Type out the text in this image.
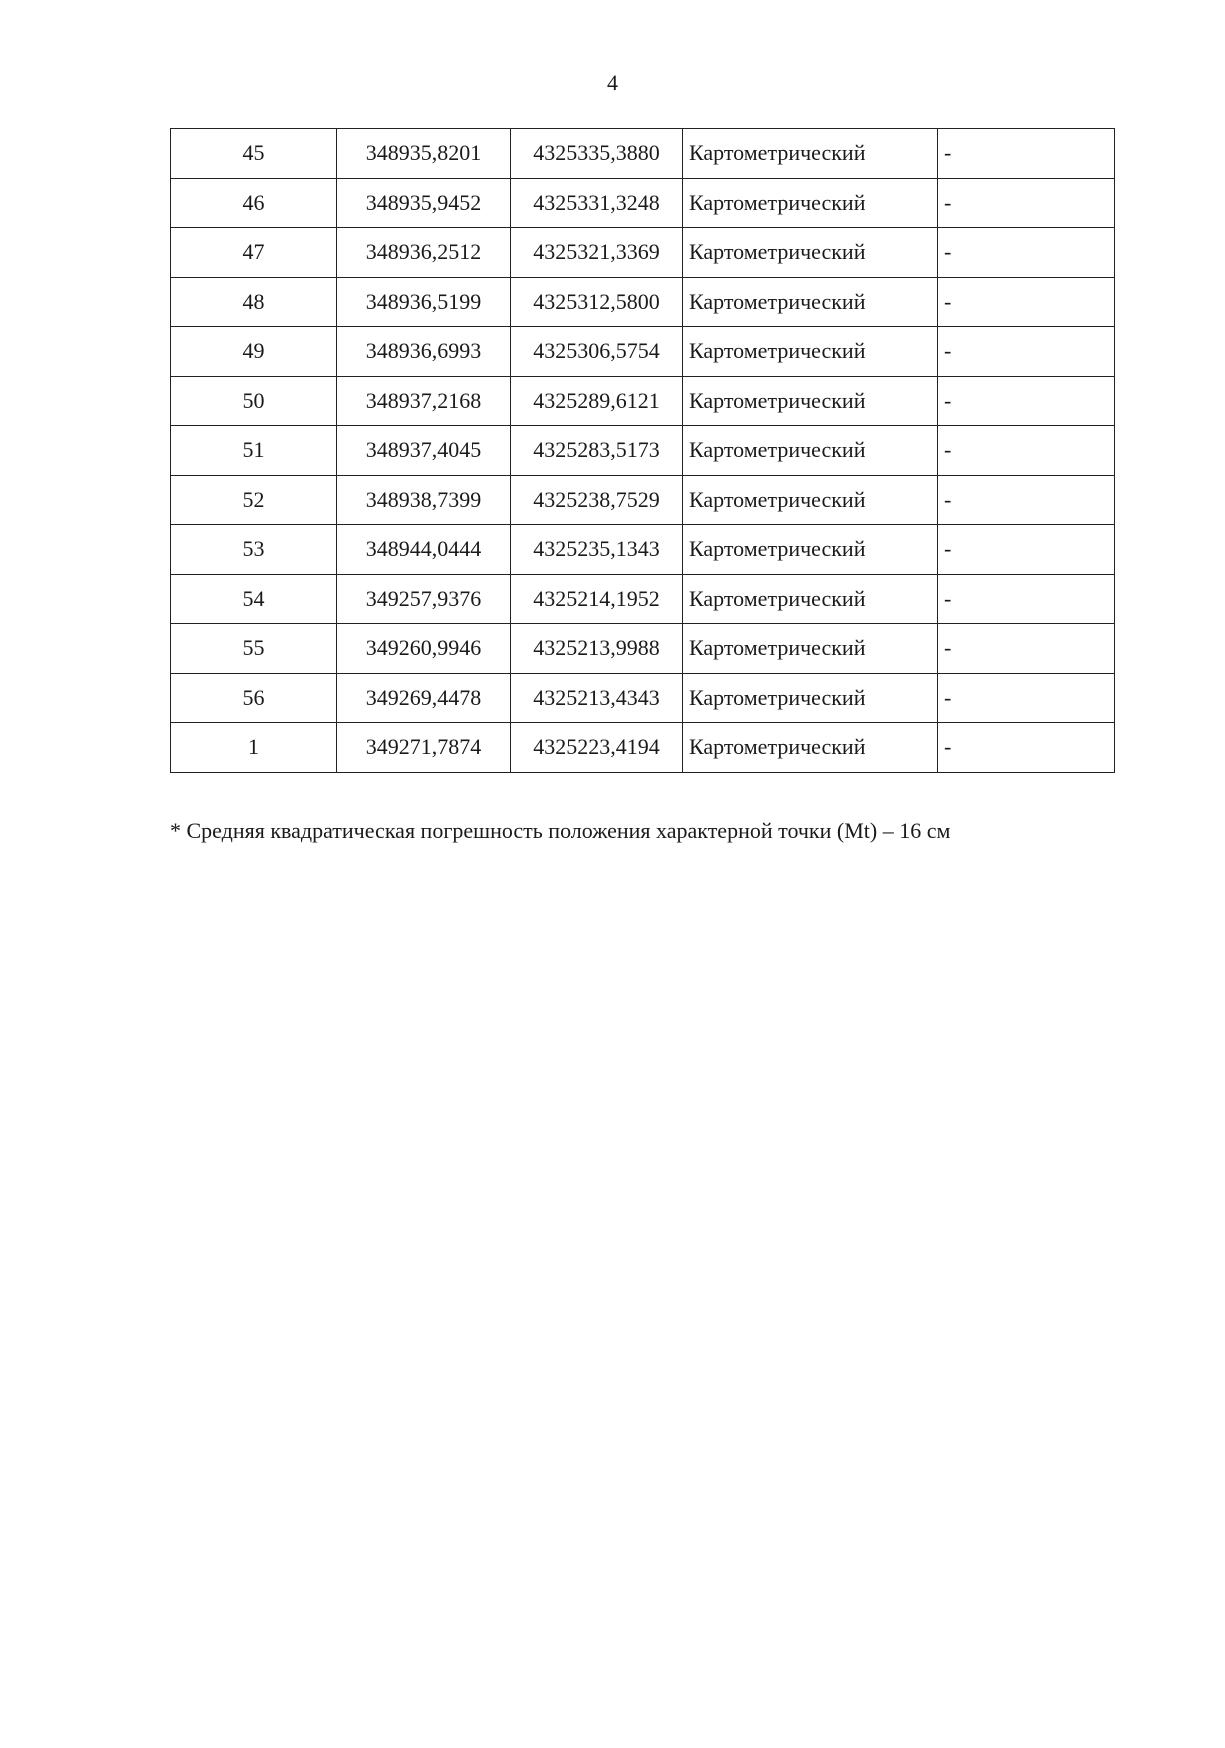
4
45	348935,8201	4325335,3880	Картометрический	-
46	348935,9452	4325331,3248	Картометрический	-
47	348936,2512	4325321,3369	Картометрический	-
48	348936,5199	4325312,5800	Картометрический	-
49	348936,6993	4325306,5754	Картометрический	-
50	348937,2168	4325289,6121	Картометрический	-
51	348937,4045	4325283,5173	Картометрический	-
52	348938,7399	4325238,7529	Картометрический	-
53	348944,0444	4325235,1343	Картометрический	-
54	349257,9376	4325214,1952	Картометрический	-
55	349260,9946	4325213,9988	Картометрический	-
56	349269,4478	4325213,4343	Картометрический	-
1	349271,7874	4325223,4194	Картометрический	-
* Средняя квадратическая погрешность положения характерной точки (Mt) – 16 см
